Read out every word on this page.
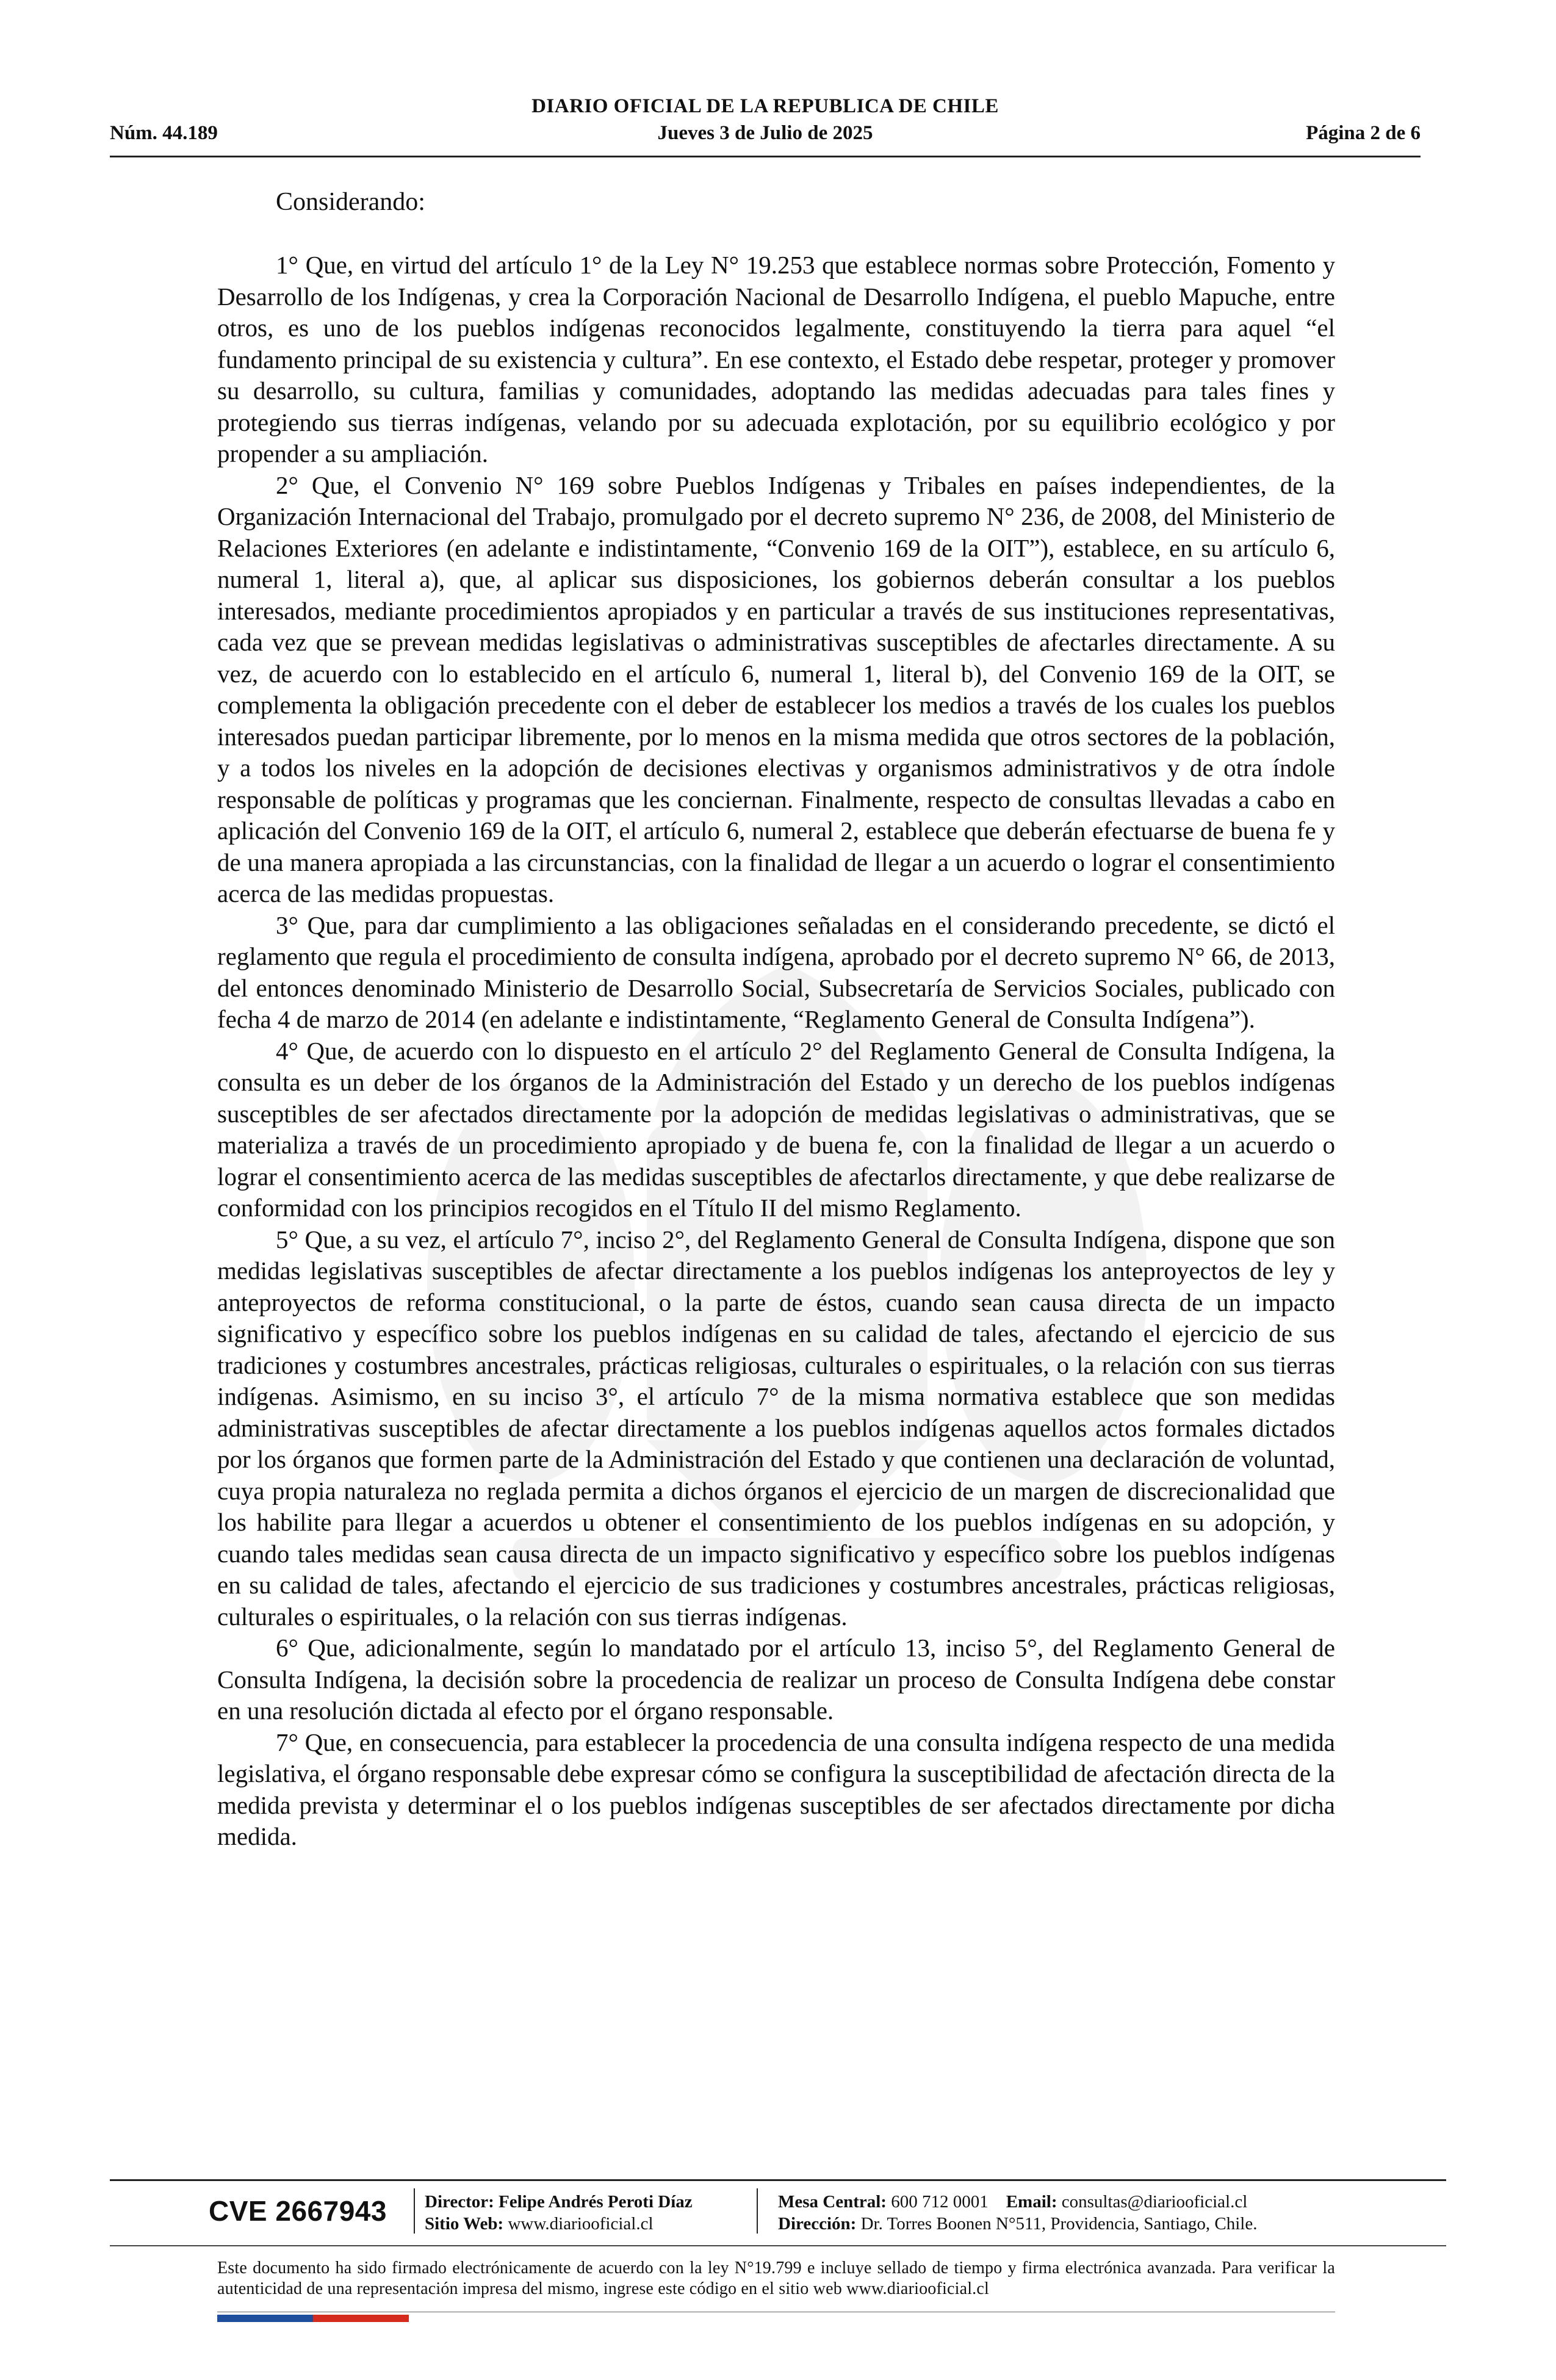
Núm. 44.189
DIARIO OFICIAL DE LA REPUBLICA DE CHILE
Jueves 3 de Julio de 2025	Página 2 de 6

Considerando:

1° Que, en virtud del artículo 1° de la Ley N° 19.253 que establece normas sobre Protección, Fomento y Desarrollo de los Indígenas, y crea la Corporación Nacional de Desarrollo Indígena, el pueblo Mapuche, entre otros, es uno de los pueblos indígenas reconocidos legalmente, constituyendo la tierra para aquel “el fundamento principal de su existencia y cultura”. En ese contexto, el Estado debe respetar, proteger y promover su desarrollo, su cultura, familias y comunidades, adoptando las medidas adecuadas para tales fines y protegiendo sus tierras indígenas, velando por su adecuada explotación, por su equilibrio ecológico y por propender a su ampliación.

2° Que, el Convenio N° 169 sobre Pueblos Indígenas y Tribales en países independientes, de la Organización Internacional del Trabajo, promulgado por el decreto supremo N° 236, de 2008, del Ministerio de Relaciones Exteriores (en adelante e indistintamente, “Convenio 169 de la OIT”), establece, en su artículo 6, numeral 1, literal a), que, al aplicar sus disposiciones, los gobiernos deberán consultar a los pueblos interesados, mediante procedimientos apropiados y en particular a través de sus instituciones representativas, cada vez que se prevean medidas legislativas o administrativas susceptibles de afectarles directamente. A su vez, de acuerdo con lo establecido en el artículo 6, numeral 1, literal b), del Convenio 169 de la OIT, se complementa la obligación precedente con el deber de establecer los medios a través de los cuales los pueblos interesados puedan participar libremente, por lo menos en la misma medida que otros sectores de la población, y a todos los niveles en la adopción de decisiones electivas y organismos administrativos y de otra índole responsable de políticas y programas que les conciernan. Finalmente, respecto de consultas llevadas a cabo en aplicación del Convenio 169 de la OIT, el artículo 6, numeral 2, establece que deberán efectuarse de buena fe y de una manera apropiada a las circunstancias, con la finalidad de llegar a un acuerdo o lograr el consentimiento acerca de las medidas propuestas.

3° Que, para dar cumplimiento a las obligaciones señaladas en el considerando precedente, se dictó el reglamento que regula el procedimiento de consulta indígena, aprobado por el decreto supremo N° 66, de 2013, del entonces denominado Ministerio de Desarrollo Social, Subsecretaría de Servicios Sociales, publicado con fecha 4 de marzo de 2014 (en adelante e indistintamente, “Reglamento General de Consulta Indígena”).

4° Que, de acuerdo con lo dispuesto en el artículo 2° del Reglamento General de Consulta Indígena, la consulta es un deber de los órganos de la Administración del Estado y un derecho de los pueblos indígenas susceptibles de ser afectados directamente por la adopción de medidas legislativas o administrativas, que se materializa a través de un procedimiento apropiado y de buena fe, con la finalidad de llegar a un acuerdo o lograr el consentimiento acerca de las medidas susceptibles de afectarlos directamente, y que debe realizarse de conformidad con los principios recogidos en el Título II del mismo Reglamento.

5° Que, a su vez, el artículo 7°, inciso 2°, del Reglamento General de Consulta Indígena, dispone que son medidas legislativas susceptibles de afectar directamente a los pueblos indígenas los anteproyectos de ley y anteproyectos de reforma constitucional, o la parte de éstos, cuando sean causa directa de un impacto significativo y específico sobre los pueblos indígenas en su calidad de tales, afectando el ejercicio de sus tradiciones y costumbres ancestrales, prácticas religiosas, culturales o espirituales, o la relación con sus tierras indígenas. Asimismo, en su inciso 3°, el artículo 7° de la misma normativa establece que son medidas administrativas susceptibles de afectar directamente a los pueblos indígenas aquellos actos formales dictados por los órganos que formen parte de la Administración del Estado y que contienen una declaración de voluntad, cuya propia naturaleza no reglada permita a dichos órganos el ejercicio de un margen de discrecionalidad que los habilite para llegar a acuerdos u obtener el consentimiento de los pueblos indígenas en su adopción, y cuando tales medidas sean causa directa de un impacto significativo y específico sobre los pueblos indígenas en su calidad de tales, afectando el ejercicio de sus tradiciones y costumbres ancestrales, prácticas religiosas, culturales o espirituales, o la relación con sus tierras indígenas.

6° Que, adicionalmente, según lo mandatado por el artículo 13, inciso 5°, del Reglamento General de Consulta Indígena, la decisión sobre la procedencia de realizar un proceso de Consulta Indígena debe constar en una resolución dictada al efecto por el órgano responsable.

7° Que, en consecuencia, para establecer la procedencia de una consulta indígena respecto de una medida legislativa, el órgano responsable debe expresar cómo se configura la susceptibilidad de afectación directa de la medida prevista y determinar el o los pueblos indígenas susceptibles de ser afectados directamente por dicha medida.

CVE 2667943 Director: Felipe Andrés Peroti Díaz
Sitio Web: www.diariooficial.cl
Mesa Central: 600 712 0001 Email: consultas@diariooficial.cl
Dirección: Dr. Torres Boonen N°511, Providencia, Santiago, Chile.
Este documento ha sido firmado electrónicamente de acuerdo con la ley N°19.799 e incluye sellado de tiempo y firma electrónica avanzada. Para verificar la autenticidad de una representación impresa del mismo, ingrese este código en el sitio web www.diariooficial.cl
